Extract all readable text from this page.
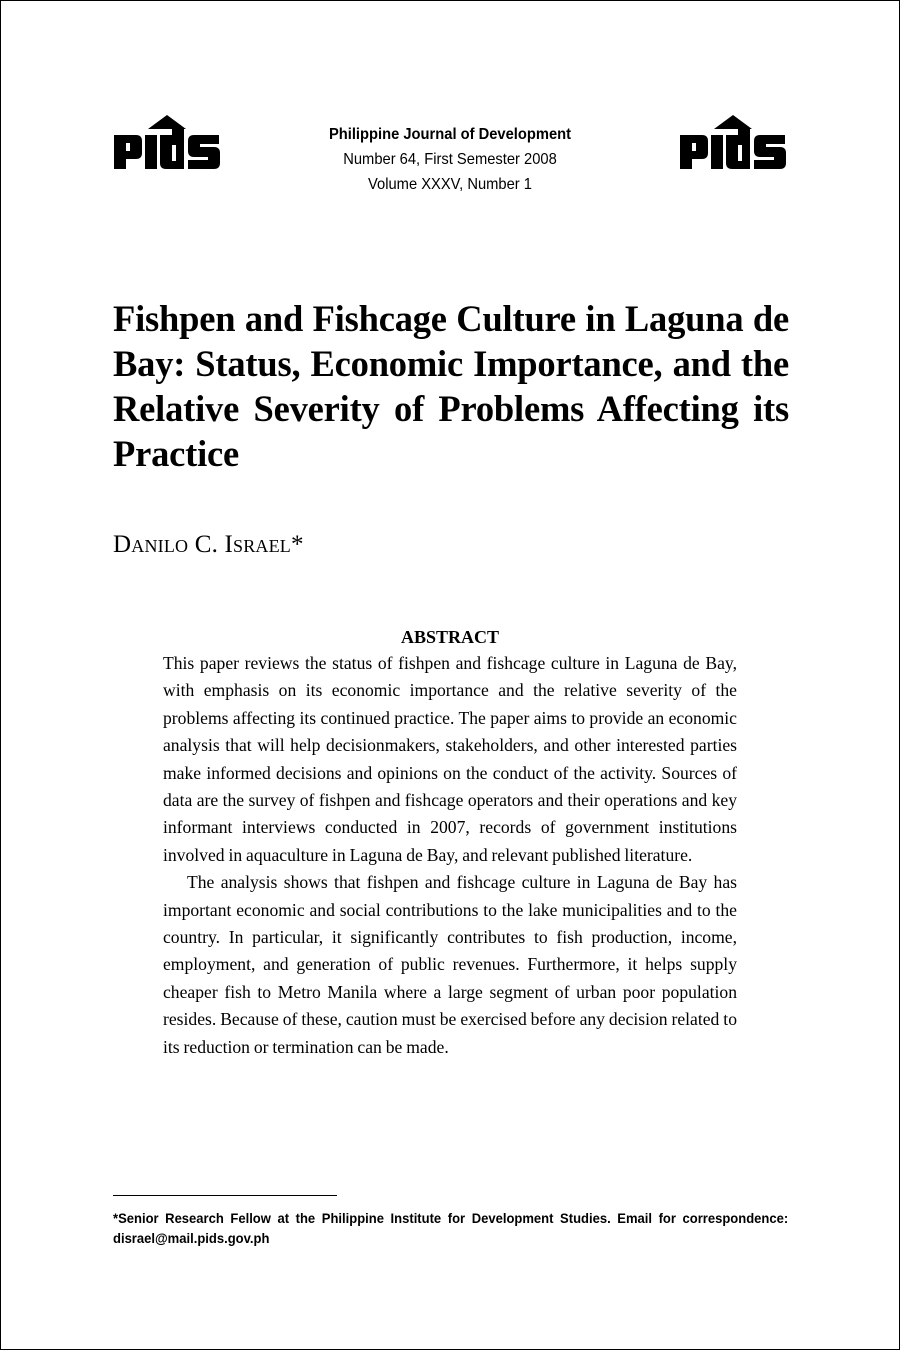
Philippine Journal of Development
Number 64, First Semester 2008
Volume XXXV, Number 1
Fishpen and Fishcage Culture in Laguna de Bay: Status, Economic Importance, and the Relative Severity of Problems Affecting its Practice
Danilo C. Israel*

ABSTRACT

This paper reviews the status of fishpen and fishcage culture in Laguna de Bay, with emphasis on its economic importance and the relative severity of the problems affecting its continued practice. The paper aims to provide an economic analysis that will help decisionmakers, stakeholders, and other interested parties make informed decisions and opinions on the conduct of the activity. Sources of data are the survey of fishpen and fishcage operators and their operations and key informant interviews conducted in 2007, records of government institutions involved in aquaculture in Laguna de Bay, and relevant published literature.

The analysis shows that fishpen and fishcage culture in Laguna de Bay has important economic and social contributions to the lake municipalities and to the country. In particular, it significantly contributes to fish production, income, employment, and generation of public revenues. Furthermore, it helps supply cheaper fish to Metro Manila where a large segment of urban poor population resides. Because of these, caution must be exercised before any decision related to its reduction or termination can be made.

*Senior Research Fellow at the Philippine Institute for Development Studies. Email for correspondence: disrael@mail.pids.gov.ph
